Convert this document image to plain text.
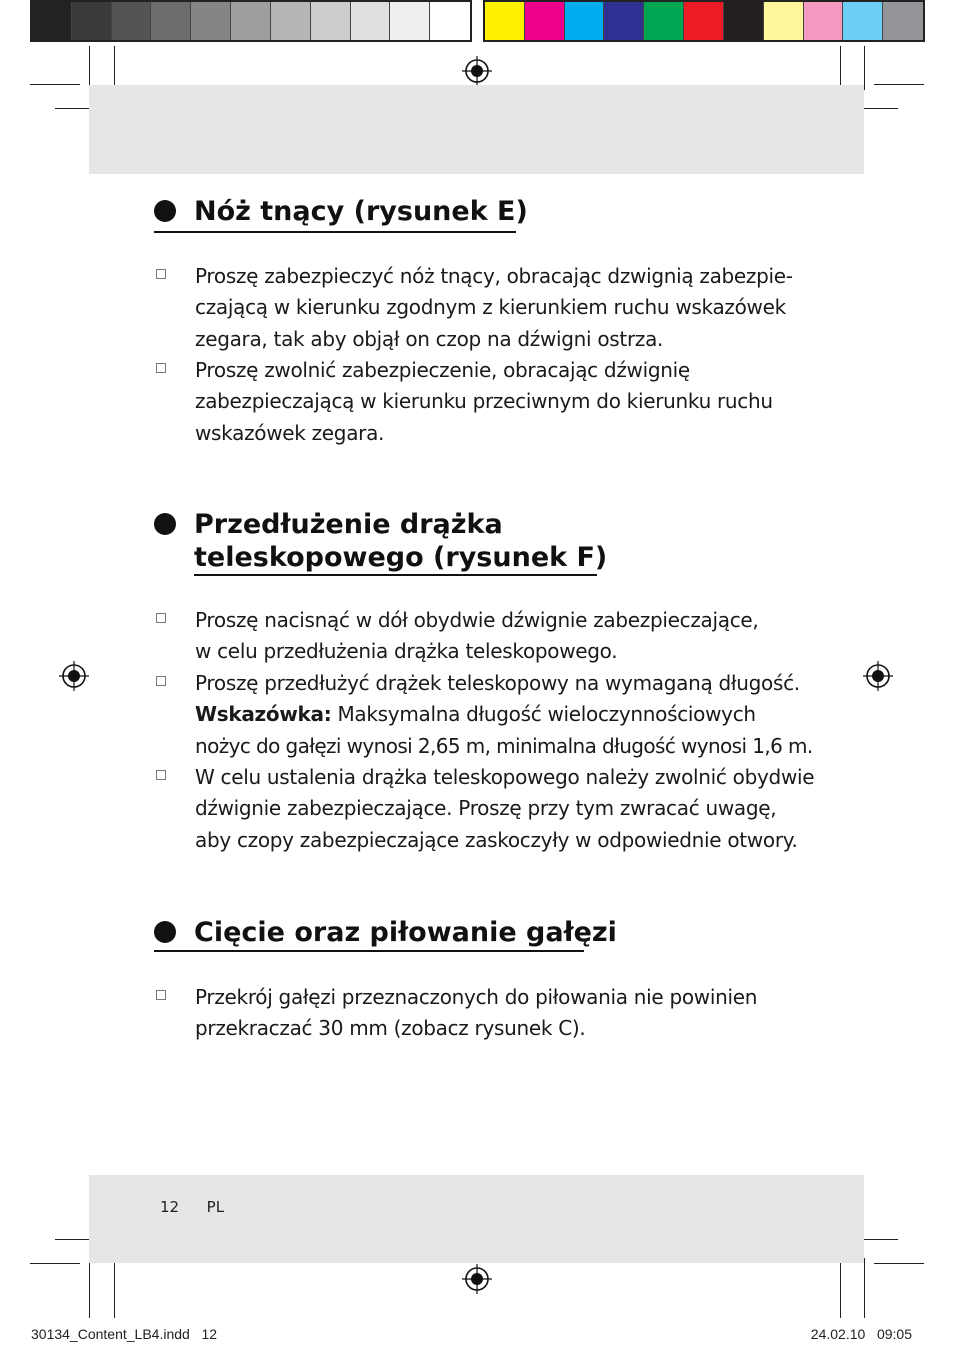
Nóż tnący (rysunek E)
Proszę zabezpieczyć nóż tnący, obracając dzwignią zabezpie-
czającą w kierunku zgodnym z kierunkiem ruchu wskazówek
zegara, tak aby objął on czop na dźwigni ostrza.
Proszę zwolnić zabezpieczenie, obracając dźwignię
zabezpieczającą w kierunku przeciwnym do kierunku ruchu
wskazówek zegara.
Przedłużenie drążka
teleskopowego (rysunek F)
Proszę nacisnąć w dół obydwie dźwignie zabezpieczające,
w celu przedłużenia drążka teleskopowego.
Proszę przedłużyć drążek teleskopowy na wymaganą długość.
Wskazówka: Maksymalna długość wieloczynnościowych
nożyc do gałęzi wynosi 2,65 m, minimalna długość wynosi 1,6 m.
W celu ustalenia drążka teleskopowego należy zwolnić obydwie
dźwignie zabezpieczające. Proszę przy tym zwracać uwagę,
aby czopy zabezpieczające zaskoczyły w odpowiednie otwory.
Cięcie oraz piłowanie gałęzi
Przekrój gałęzi przeznaczonych do piłowania nie powinien
przekraczać 30 mm (zobacz rysunek C).
12 PL
30134_Content_LB4.indd   12	24.02.10   09:05
